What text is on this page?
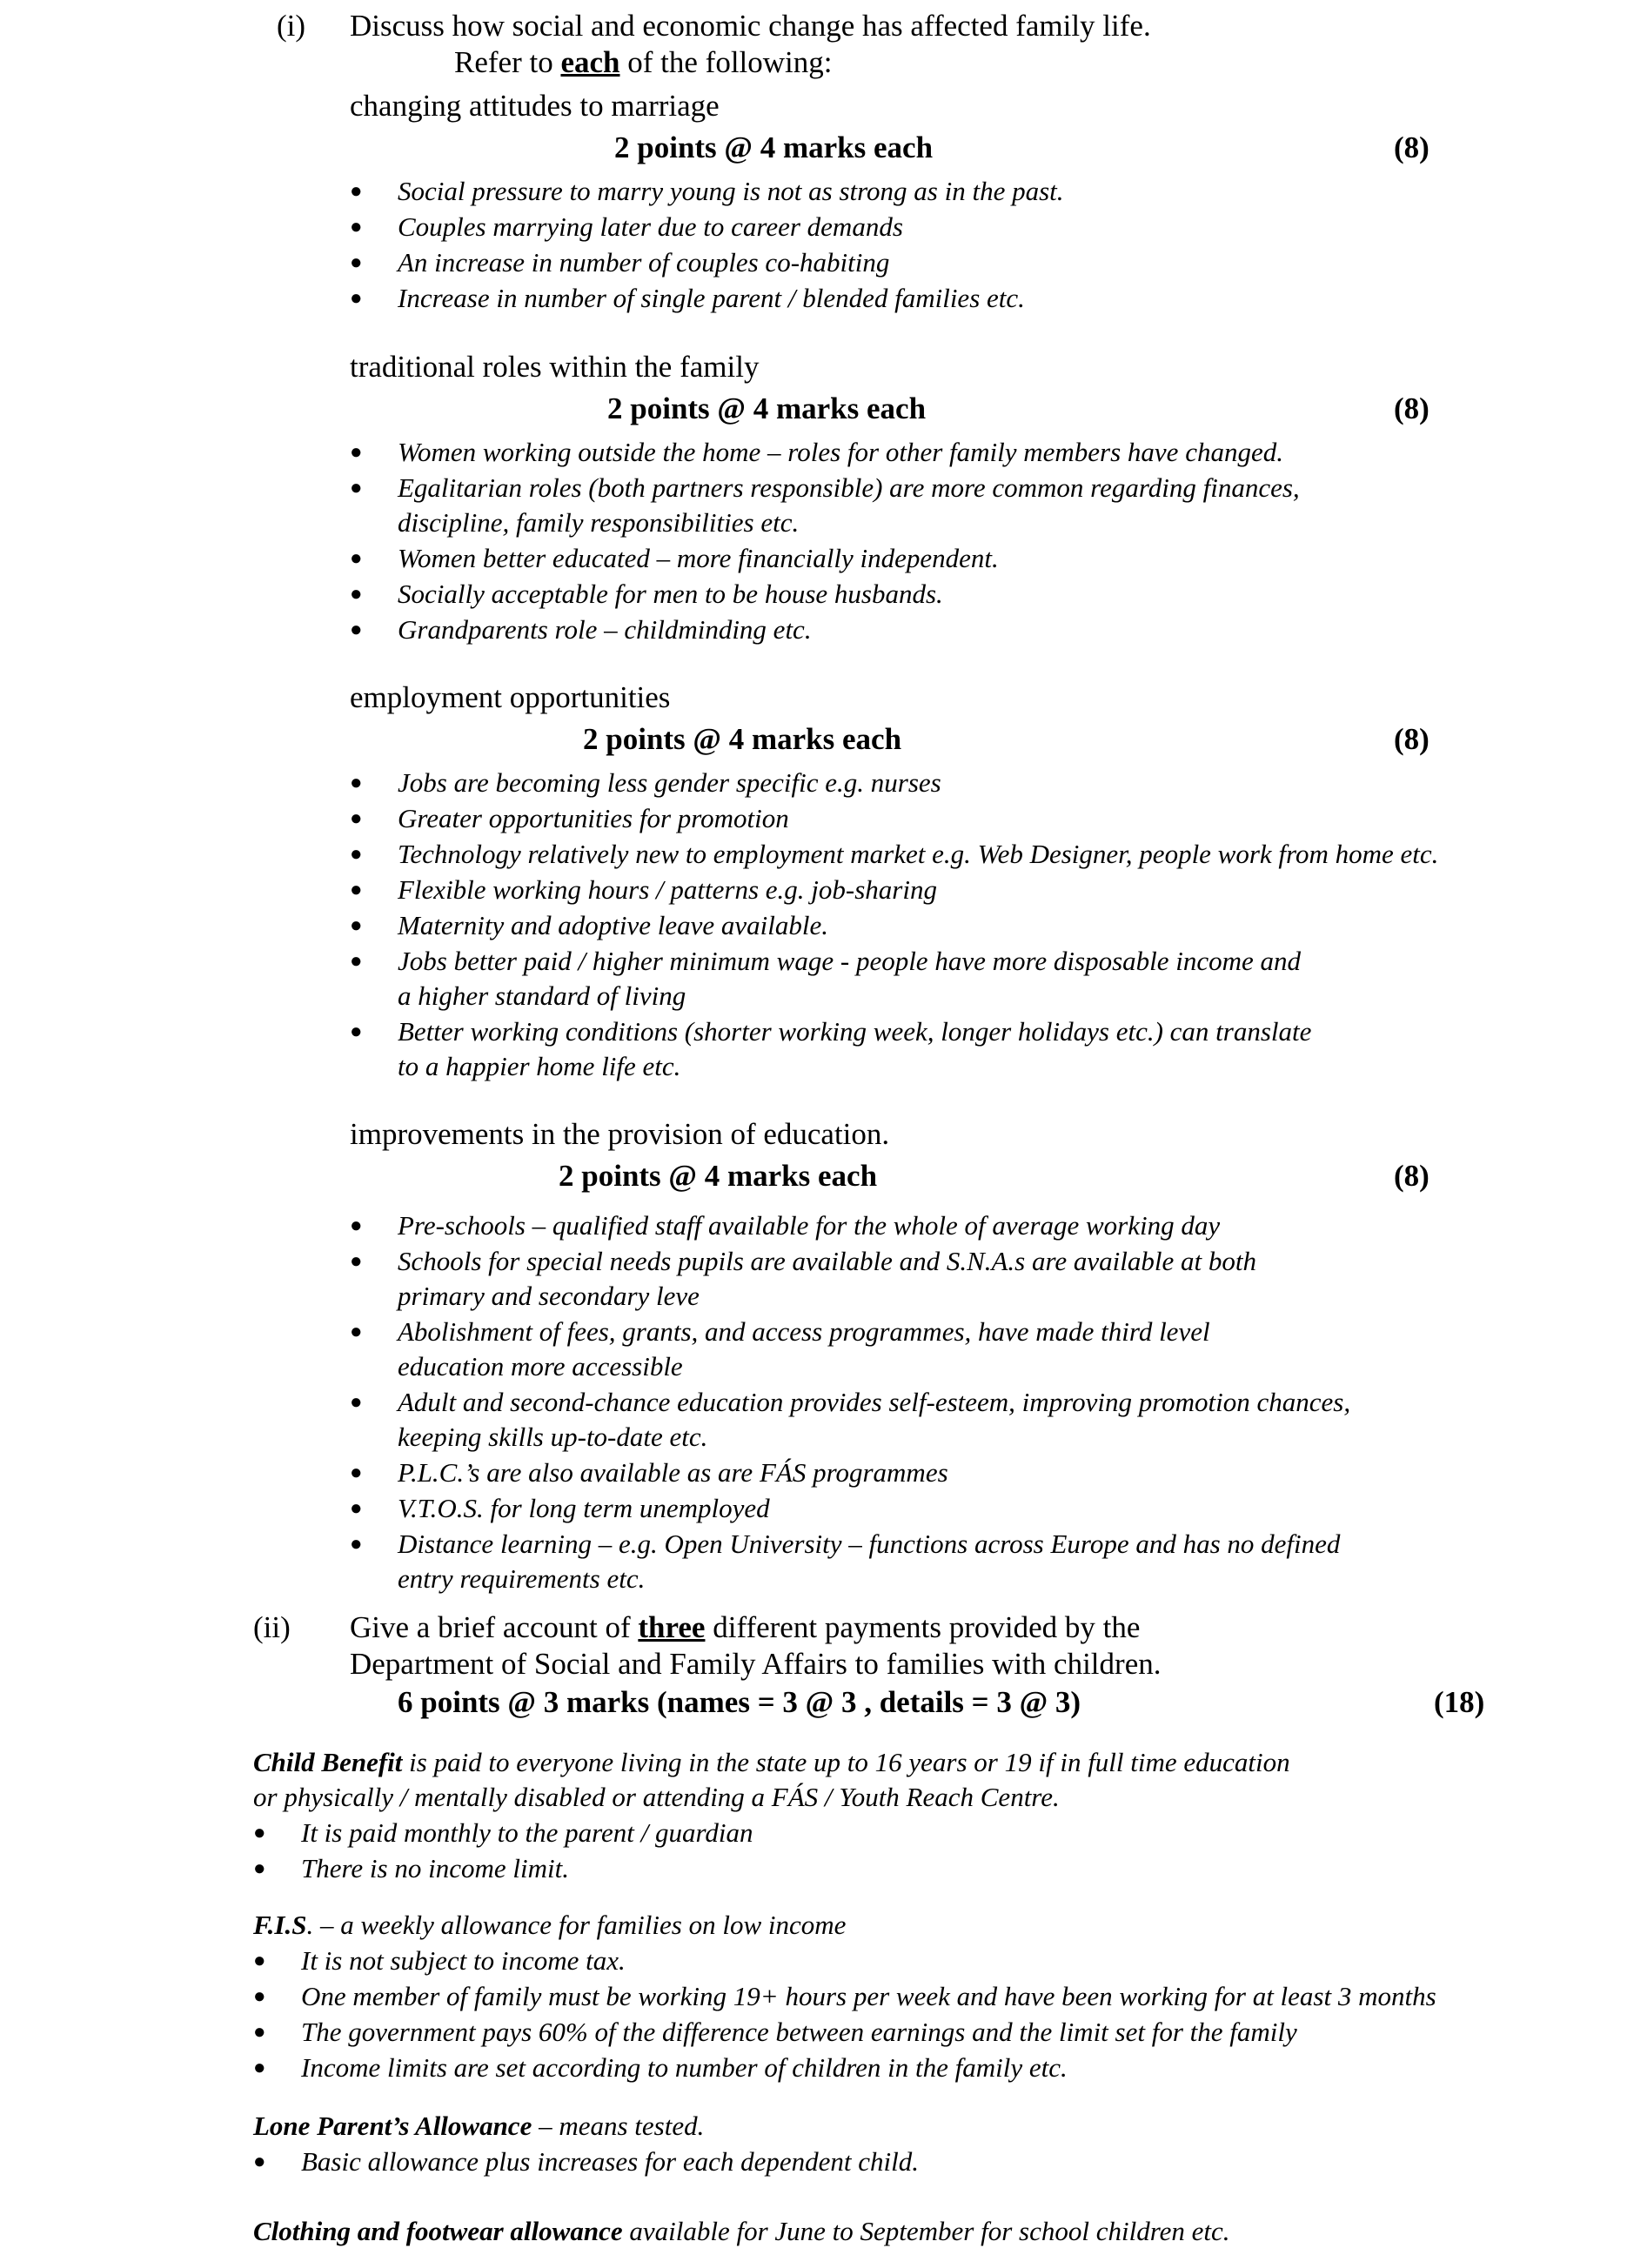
(i) Discuss how social and economic change has affected family life.
Refer to each of the following:
changing attitudes to marriage
2 points @ 4 marks each	(8)
● Social pressure to marry young is not as strong as in the past.
● Couples marrying later due to career demands
● An increase in number of couples co-habiting
● Increase in number of single parent / blended families etc.
traditional roles within the family
2 points @ 4 marks each	(8)
● Women working outside the home – roles for other family members have changed.
● Egalitarian roles (both partners responsible) are more common regarding finances,
discipline, family responsibilities etc.
● Women better educated – more financially independent.
● Socially acceptable for men to be house husbands.
● Grandparents role – childminding etc.
employment opportunities
2 points @ 4 marks each	(8)
● Jobs are becoming less gender specific e.g. nurses
● Greater opportunities for promotion
● Technology relatively new to employment market e.g. Web Designer, people work from home etc.
● Flexible working hours / patterns e.g. job-sharing
● Maternity and adoptive leave available.
● Jobs better paid / higher minimum wage - people have more disposable income and
a higher standard of living
● Better working conditions (shorter working week, longer holidays etc.) can translate
to a happier home life etc.
improvements in the provision of education.
2 points @ 4 marks each	(8)
● Pre-schools – qualified staff available for the whole of average working day
● Schools for special needs pupils are available and S.N.A.s are available at both
primary and secondary leve
● Abolishment of fees, grants, and access programmes, have made third level
education more accessible
● Adult and second-chance education provides self-esteem, improving promotion chances,
keeping skills up-to-date etc.
● P.L.C.’s are also available as are FÁS programmes
● V.T.O.S. for long term unemployed
● Distance learning – e.g. Open University – functions across Europe and has no defined
entry requirements etc.
(ii) Give a brief account of three different payments provided by the
Department of Social and Family Affairs to families with children.
6 points @ 3 marks (names = 3 @ 3 , details = 3 @ 3)	(18)
Child Benefit is paid to everyone living in the state up to 16 years or 19 if in full time education
or physically / mentally disabled or attending a FÁS / Youth Reach Centre.
● It is paid monthly to the parent / guardian
● There is no income limit.
F.I.S. – a weekly allowance for families on low income
● It is not subject to income tax.
● One member of family must be working 19+ hours per week and have been working for at least 3 months
● The government pays 60% of the difference between earnings and the limit set for the family
● Income limits are set according to number of children in the family etc.
Lone Parent’s Allowance – means tested.
● Basic allowance plus increases for each dependent child.
Clothing and footwear allowance available for June to September for school children etc.
